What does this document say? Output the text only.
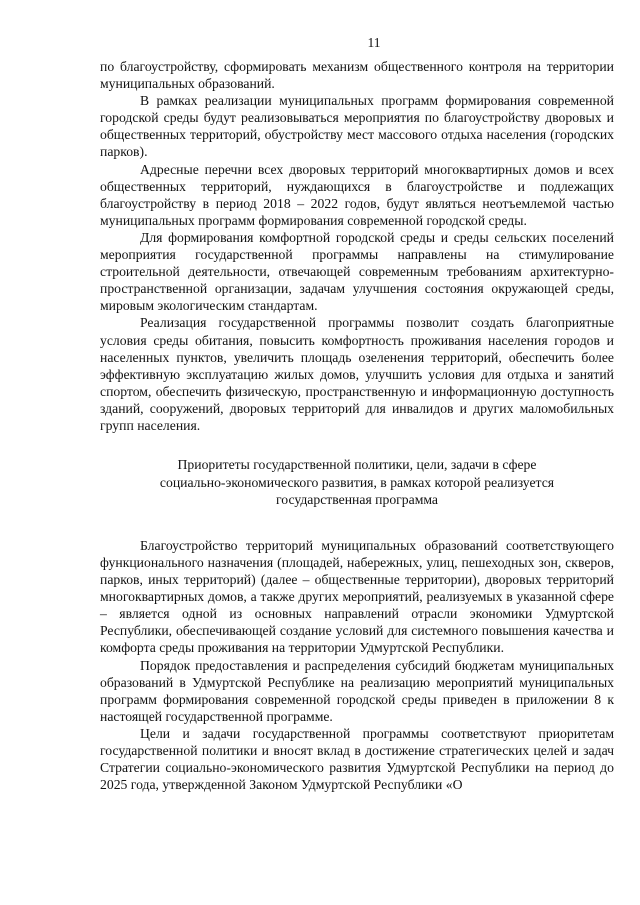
11

по благоустройству, сформировать механизм общественного контроля на территории муниципальных образований.

В рамках реализации муниципальных программ формирования современной городской среды будут реализовываться мероприятия по благоустройству дворовых и общественных территорий, обустройству мест массового отдыха населения (городских парков).

Адресные перечни всех дворовых территорий многоквартирных домов и всех общественных территорий, нуждающихся в благоустройстве и подлежащих благоустройству в период 2018 – 2022 годов, будут являться неотъемлемой частью муниципальных программ формирования современной городской среды.

Для формирования комфортной городской среды и среды сельских поселений мероприятия государственной программы направлены на стимулирование строительной деятельности, отвечающей современным требованиям архитектурно-пространственной организации, задачам улучшения состояния окружающей среды, мировым экологическим стандартам.

Реализация государственной программы позволит создать благоприятные условия среды обитания, повысить комфортность проживания населения городов и населенных пунктов, увеличить площадь озеленения территорий, обеспечить более эффективную эксплуатацию жилых домов, улучшить условия для отдыха и занятий спортом, обеспечить физическую, пространственную и информационную доступность зданий, сооружений, дворовых территорий для инвалидов и других маломобильных групп населения.

Приоритеты государственной политики, цели, задачи в сфере
социально-экономического развития, в рамках которой реализуется
государственная программа

Благоустройство территорий муниципальных образований соответствующего функционального назначения (площадей, набережных, улиц, пешеходных зон, скверов, парков, иных территорий) (далее – общественные территории), дворовых территорий многоквартирных домов, а также других мероприятий, реализуемых в указанной сфере – является одной из основных направлений отрасли экономики Удмуртской Республики, обеспечивающей создание условий для системного повышения качества и комфорта среды проживания на территории Удмуртской Республики.

Порядок предоставления и распределения субсидий бюджетам муниципальных образований в Удмуртской Республике на реализацию мероприятий муниципальных программ формирования современной городской среды приведен в приложении 8 к настоящей государственной программе.

Цели и задачи государственной программы соответствуют приоритетам государственной политики и вносят вклад в достижение стратегических целей и задач Стратегии социально-экономического развития Удмуртской Республики на период до 2025 года, утвержденной Законом Удмуртской Республики «О
